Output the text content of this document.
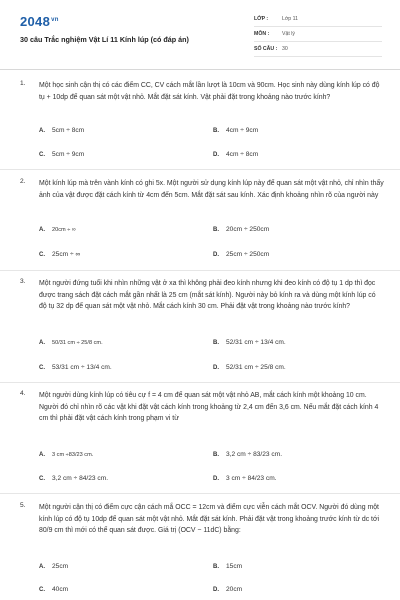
$2048^{vn}$
30 câu Trắc nghiệm Vật Lí 11 Kính lúp (có đáp án)
LỚP :	Lớp 11
MÔN : Vật lý
SỐ CÂU : 30
1. Một học sinh cận thị có các điểm CC, CV cách mắt lần lượt là 10cm và 90cm. Học sinh này dùng kính lúp có độ tụ + 10dp để quan sát một vật nhỏ. Mắt đặt sát kính. Vật phải đặt trong khoảng nào trước kính?
A. 5cm ÷ 8cm	B. 4cm ÷ 9cm
C. 5cm ÷ 9cm	D. 4cm ÷ 8cm
2. Một kính lúp mà trên vành kính có ghi 5x. Một người sử dụng kính lúp này để quan sát một vật nhỏ, chỉ nhìn thấy ảnh của vật được đặt cách kính từ 4cm đến 5cm. Mắt đặt sát sau kính. Xác định khoảng nhìn rõ của người này
A. 20cm ÷ ∞	B. 20cm ÷ 250cm
C. 25cm ÷ ∞	D. 25cm ÷ 250cm
3. Một người đứng tuổi khi nhìn những vật ở xa thì không phải đeo kính nhưng khi đeo kính có độ tụ 1 dp thì đọc được trang sách đặt cách mắt gần nhất là 25 cm (mắt sát kính). Người này bỏ kính ra và dùng một kính lúp có độ tụ 32 dp để quan sát một vật nhỏ. Mắt cách kính 30 cm. Phải đặt vật trong khoảng nào trước kính?
A. 50/31 cm ÷ 25/8 cm.	B. 52/31 cm ÷ 13/4 cm.
C. 53/31 cm ÷ 13/4 cm.	D. 52/31 cm ÷ 25/8 cm.
4. Một người dùng kính lúp có tiêu cự f = 4 cm để quan sát một vật nhỏ AB, mắt cách kính một khoảng 10 cm. Người đó chỉ nhìn rõ các vật khi đặt vật cách kính trong khoảng từ 2,4 cm đến 3,6 cm. Nếu mắt đặt cách kính 4 cm thì phải đặt vật cách kính trong phạm vi từ
A. 3 cm ÷83/23 cm.	B. 3,2 cm ÷ 83/23 cm.
C. 3,2 cm ÷ 84/23 cm.	D. 3 cm ÷ 84/23 cm.
5. Một người cận thị có điểm cực cận cách mắ OCC = 12cm và điểm cực viễn cách mắt OCV. Người đó dùng một kính lúp có độ tụ 10dp để quan sát một vật nhỏ. Mắt đặt sát kính. Phải đặt vật trong khoảng trước kính từ dc tới 80/9 cm thì mới có thể quan sát được. Giá trị (OCV − 11dC) bằng:
A. 25cm	B. 15cm
C. 40cm	D. 20cm
